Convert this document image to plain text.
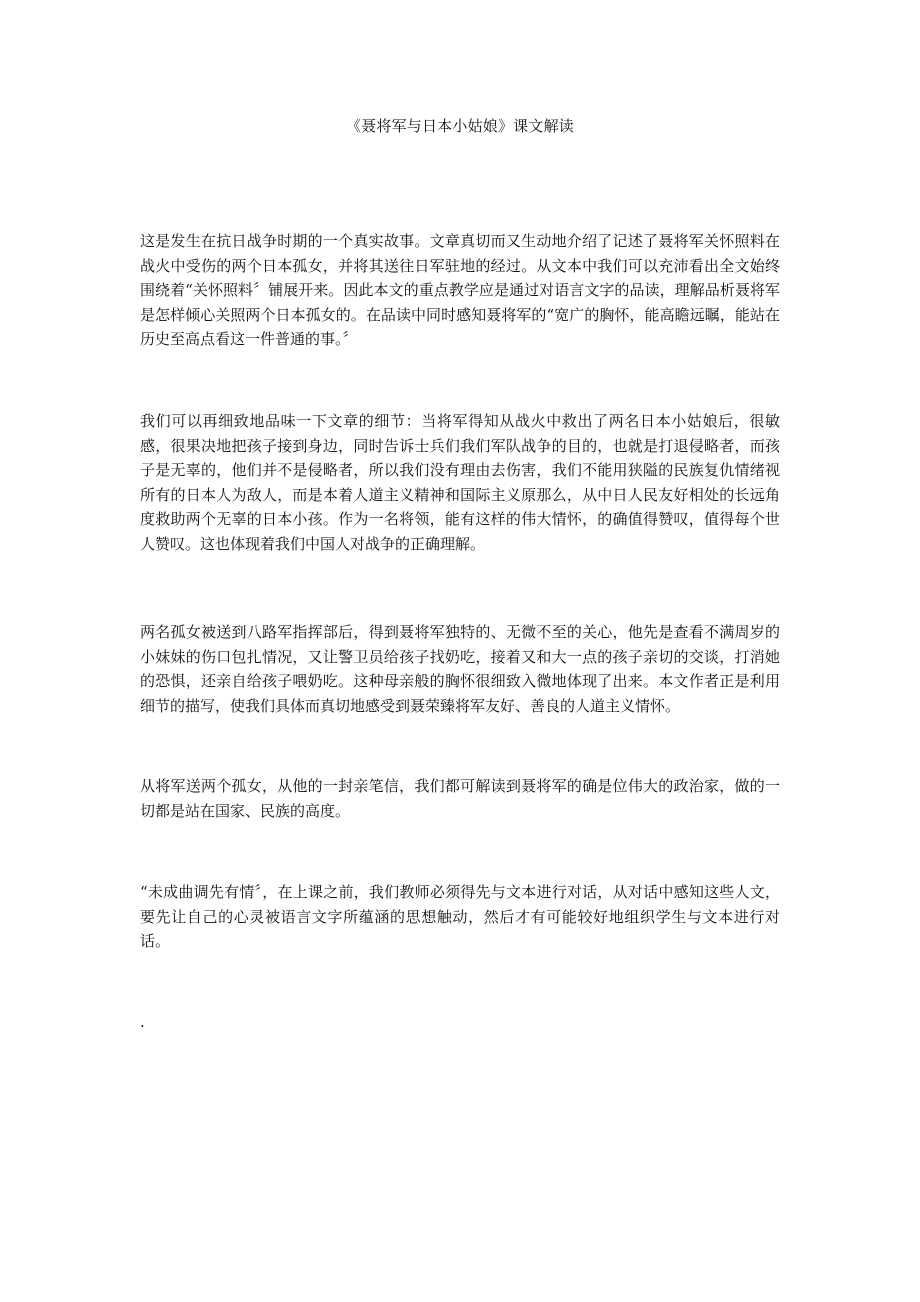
《聂将军与日本小姑娘》课文解读

这是发生在抗日战争时期的一个真实故事。文章真切而又生动地介绍了记述了聂将军关怀照料在战火中受伤的两个日本孤女，并将其送往日军驻地的经过。从文本中我们可以充沛看出全文始终围绕着“关怀照料〞铺展开来。因此本文的重点教学应是通过对语言文字的品读，理解品析聂将军是怎样倾心关照两个日本孤女的。在品读中同时感知聂将军的“宽广的胸怀，能高瞻远瞩，能站在历史至高点看这一件普通的事。〞

我们可以再细致地品味一下文章的细节：当将军得知从战火中救出了两名日本小姑娘后，很敏感，很果决地把孩子接到身边，同时告诉士兵们我们军队战争的目的，也就是打退侵略者，而孩子是无辜的，他们并不是侵略者，所以我们没有理由去伤害，我们不能用狭隘的民族复仇情绪视所有的日本人为敌人，而是本着人道主义精神和国际主义原那么，从中日人民友好相处的长远角度救助两个无辜的日本小孩。作为一名将领，能有这样的伟大情怀，的确值得赞叹，值得每个世人赞叹。这也体现着我们中国人对战争的正确理解。

两名孤女被送到八路军指挥部后，得到聂将军独特的、无微不至的关心，他先是查看不满周岁的小妹妹的伤口包扎情况，又让警卫员给孩子找奶吃，接着又和大一点的孩子亲切的交谈，打消她的恐惧，还亲自给孩子喂奶吃。这种母亲般的胸怀很细致入微地体现了出来。本文作者正是利用细节的描写，使我们具体而真切地感受到聂荣臻将军友好、善良的人道主义情怀。

从将军送两个孤女，从他的一封亲笔信，我们都可解读到聂将军的确是位伟大的政治家，做的一切都是站在国家、民族的高度。

“未成曲调先有情〞，在上课之前，我们教师必须得先与文本进行对话，从对话中感知这些人文，要先让自己的心灵被语言文字所蕴涵的思想触动，然后才有可能较好地组织学生与文本进行对话。

.
